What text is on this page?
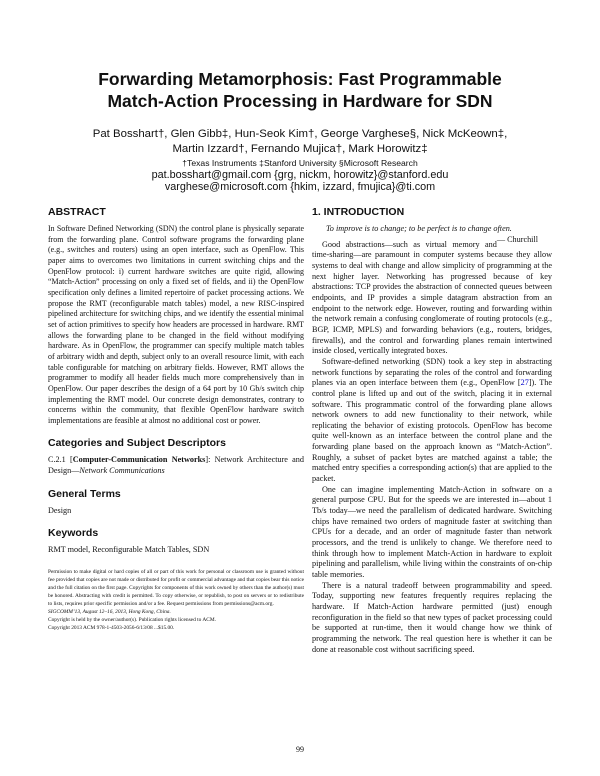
Forwarding Metamorphosis: Fast Programmable
Match-Action Processing in Hardware for SDN
Pat Bosshart†, Glen Gibb‡, Hun-Seok Kim†, George Varghese§, Nick McKeown‡,
Martin Izzard†, Fernando Mujica†, Mark Horowitz‡
†Texas Instruments ‡Stanford University §Microsoft Research
pat.bosshart@gmail.com {grg, nickm, horowitz}@stanford.edu
varghese@microsoft.com {hkim, izzard, fmujica}@ti.com
ABSTRACT

In Software Defined Networking (SDN) the control plane is physically separate from the forwarding plane. Control software programs the forwarding plane (e.g., switches and routers) using an open interface, such as OpenFlow. This paper aims to overcomes two limitations in current switching chips and the OpenFlow protocol: i) current hardware switches are quite rigid, allowing “Match-Action” processing on only a fixed set of fields, and ii) the OpenFlow specification only defines a limited repertoire of packet processing actions. We propose the RMT (reconfigurable match tables) model, a new RISC-inspired pipelined architecture for switching chips, and we identify the essential minimal set of action primitives to specify how headers are processed in hardware. RMT allows the forwarding plane to be changed in the field without modifying hardware. As in OpenFlow, the programmer can specify multiple match tables of arbitrary width and depth, subject only to an overall resource limit, with each table configurable for matching on arbitrary fields. However, RMT allows the programmer to modify all header fields much more comprehensively than in OpenFlow. Our paper describes the design of a 64 port by 10 Gb/s switch chip implementing the RMT model. Our concrete design demonstrates, contrary to concerns within the community, that flexible OpenFlow hardware switch implementations are feasible at almost no additional cost or power.

Categories and Subject Descriptors

C.2.1 [Computer-Communication Networks]: Network Architecture and Design—Network Communications

General Terms

Design

Keywords

RMT model, Reconfigurable Match Tables, SDN

Permission to make digital or hard copies of all or part of this work for personal or classroom use is granted without fee provided that copies are not made or distributed for profit or commercial advantage and that copies bear this notice and the full citation on the first page. Copyrights for components of this work owned by others than the author(s) must be honored. Abstracting with credit is permitted. To copy otherwise, or republish, to post on servers or to redistribute to lists, requires prior specific permission and/or a fee. Request permissions from permissions@acm.org.
SIGCOMM’13, August 12–16, 2013, Hong Kong, China.
Copyright is held by the owner/author(s). Publication rights licensed to ACM.
Copyright 2013 ACM 978-1-4503-2056-6/13/08 ...$15.00.
1. INTRODUCTION

To improve is to change; to be perfect is to change often.
— Churchill

Good abstractions—such as virtual memory and time-sharing—are paramount in computer systems because they allow systems to deal with change and allow simplicity of programming at the next higher layer. Networking has progressed because of key abstractions: TCP provides the abstraction of connected queues between endpoints, and IP provides a simple datagram abstraction from an endpoint to the network edge. However, routing and forwarding within the network remain a confusing conglomerate of routing protocols (e.g., BGP, ICMP, MPLS) and forwarding behaviors (e.g., routers, bridges, firewalls), and the control and forwarding planes remain intertwined inside closed, vertically integrated boxes.

Software-defined networking (SDN) took a key step in abstracting network functions by separating the roles of the control and forwarding planes via an open interface between them (e.g., OpenFlow [27]). The control plane is lifted up and out of the switch, placing it in external software. This programmatic control of the forwarding plane allows network owners to add new functionality to their network, while replicating the behavior of existing protocols. OpenFlow has become quite well-known as an interface between the control plane and the forwarding plane based on the approach known as “Match-Action”. Roughly, a subset of packet bytes are matched against a table; the matched entry specifies a corresponding action(s) that are applied to the packet.

One can imagine implementing Match-Action in software on a general purpose CPU. But for the speeds we are interested in—about 1 Tb/s today—we need the parallelism of dedicated hardware. Switching chips have remained two orders of magnitude faster at switching than CPUs for a decade, and an order of magnitude faster than network processors, and the trend is unlikely to change. We therefore need to think through how to implement Match-Action in hardware to exploit pipelining and parallelism, while living within the constraints of on-chip table memories.

There is a natural tradeoff between programmability and speed. Today, supporting new features frequently requires replacing the hardware. If Match-Action hardware permitted (just) enough reconfiguration in the field so that new types of packet processing could be supported at run-time, then it would change how we think of programming the network. The real question here is whether it can be done at reasonable cost without sacrificing speed.

99
